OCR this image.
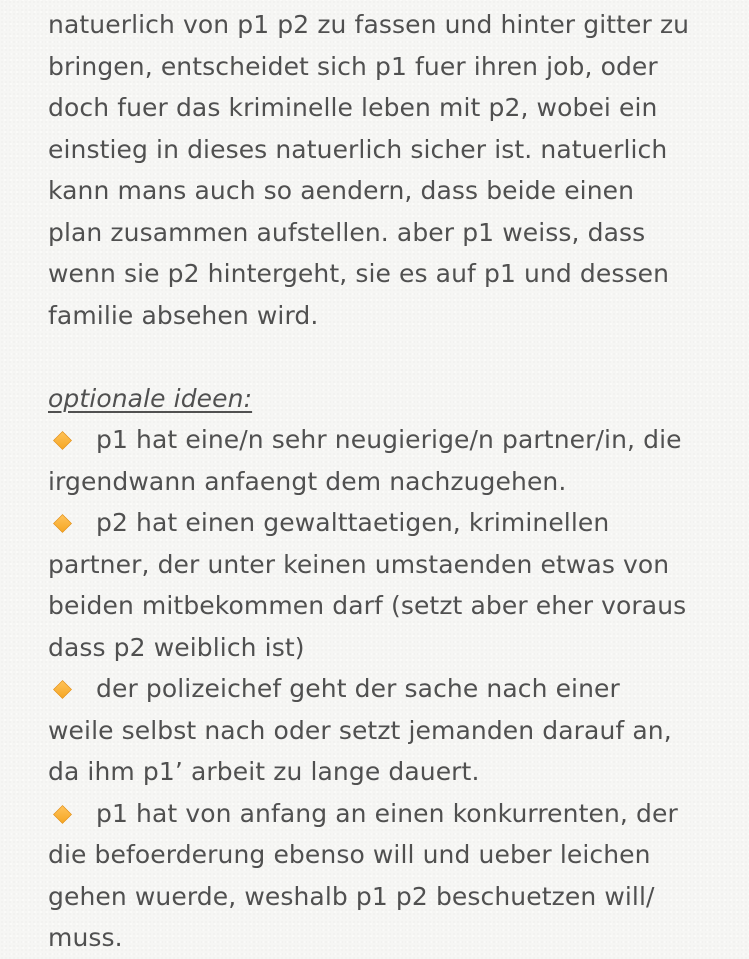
natuerlich von p1 p2 zu fassen und hinter gitter zu
bringen, entscheidet sich p1 fuer ihren job, oder
doch fuer das kriminelle leben mit p2, wobei ein
einstieg in dieses natuerlich sicher ist. natuerlich
kann mans auch so aendern, dass beide einen
plan zusammen aufstellen. aber p1 weiss, dass
wenn sie p2 hintergeht, sie es auf p1 und dessen
familie absehen wird.
optionale ideen:
p1 hat eine/n sehr neugierige/n partner/in, die
irgendwann anfaengt dem nachzugehen.
p2 hat einen gewalttaetigen, kriminellen
partner, der unter keinen umstaenden etwas von
beiden mitbekommen darf (setzt aber eher voraus
dass p2 weiblich ist)
der polizeichef geht der sache nach einer
weile selbst nach oder setzt jemanden darauf an,
da ihm p1’ arbeit zu lange dauert.
p1 hat von anfang an einen konkurrenten, der
die befoerderung ebenso will und ueber leichen
gehen wuerde, weshalb p1 p2 beschuetzen will/
muss.
